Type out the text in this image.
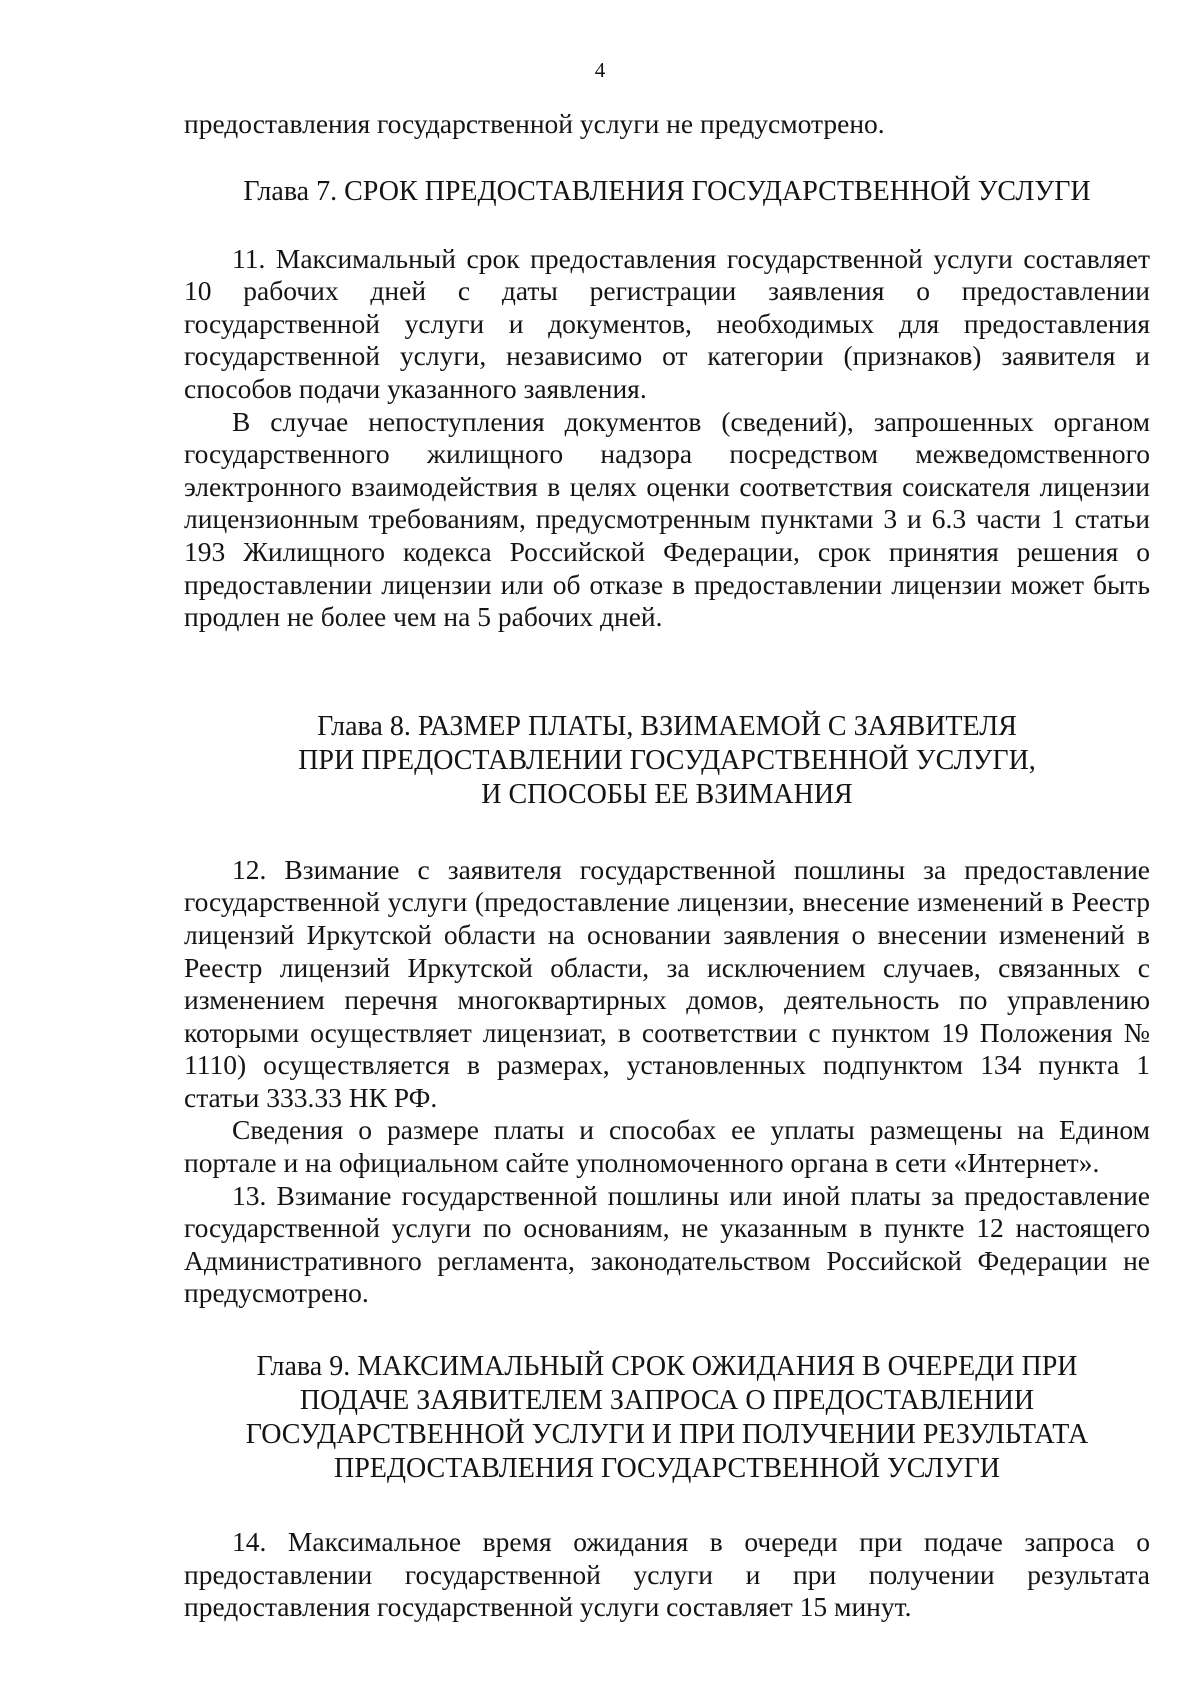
4

предоставления государственной услуги не предусмотрено.

Глава 7. СРОК ПРЕДОСТАВЛЕНИЯ ГОСУДАРСТВЕННОЙ УСЛУГИ

11. Максимальный срок предоставления государственной услуги составляет 10 рабочих дней с даты регистрации заявления о предоставлении государственной услуги и документов, необходимых для предоставления государственной услуги, независимо от категории (признаков) заявителя и способов подачи указанного заявления.

В случае непоступления документов (сведений), запрошенных органом государственного жилищного надзора посредством межведомственного электронного взаимодействия в целях оценки соответствия соискателя лицензии лицензионным требованиям, предусмотренным пунктами 3 и 6.3 части 1 статьи 193 Жилищного кодекса Российской Федерации, срок принятия решения о предоставлении лицензии или об отказе в предоставлении лицензии может быть продлен не более чем на 5 рабочих дней.

Глава 8. РАЗМЕР ПЛАТЫ, ВЗИМАЕМОЙ С ЗАЯВИТЕЛЯ
ПРИ ПРЕДОСТАВЛЕНИИ ГОСУДАРСТВЕННОЙ УСЛУГИ,
И СПОСОБЫ ЕЕ ВЗИМАНИЯ

12. Взимание с заявителя государственной пошлины за предоставление государственной услуги (предоставление лицензии, внесение изменений в Реестр лицензий Иркутской области на основании заявления о внесении изменений в Реестр лицензий Иркутской области, за исключением случаев, связанных с изменением перечня многоквартирных домов, деятельность по управлению которыми осуществляет лицензиат, в соответствии с пунктом 19 Положения № 1110) осуществляется в размерах, установленных подпунктом 134 пункта 1 статьи 333.33 НК РФ.

Сведения о размере платы и способах ее уплаты размещены на Едином портале и на официальном сайте уполномоченного органа в сети «Интернет».

13. Взимание государственной пошлины или иной платы за предоставление государственной услуги по основаниям, не указанным в пункте 12 настоящего Административного регламента, законодательством Российской Федерации не предусмотрено.

Глава 9. МАКСИМАЛЬНЫЙ СРОК ОЖИДАНИЯ В ОЧЕРЕДИ ПРИ
ПОДАЧЕ ЗАЯВИТЕЛЕМ ЗАПРОСА О ПРЕДОСТАВЛЕНИИ
ГОСУДАРСТВЕННОЙ УСЛУГИ И ПРИ ПОЛУЧЕНИИ РЕЗУЛЬТАТА
ПРЕДОСТАВЛЕНИЯ ГОСУДАРСТВЕННОЙ УСЛУГИ

14. Максимальное время ожидания в очереди при подаче запроса о предоставлении государственной услуги и при получении результата предоставления государственной услуги составляет 15 минут.
